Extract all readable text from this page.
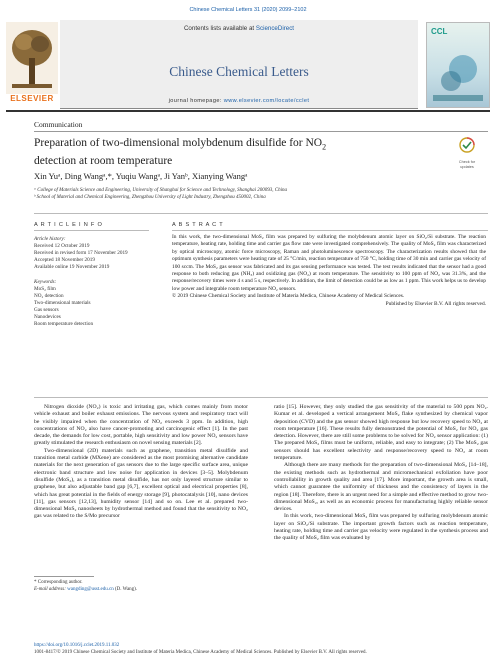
Chinese Chemical Letters 31 (2020) 2099–2102
ELSEVIER
Contents lists available at ScienceDirect
Chinese Chemical Letters
journal homepage: www.elsevier.com/locate/cclet
CCL
Communication
Preparation of two-dimensional molybdenum disulfide for $NO_2$
detection at room temperature	Check for
updates
Xin Yuᵃ, Ding Wangᵃ,*, Yuqiu Wangᵃ, Ji Yanᵇ, Xianying Wangᵃ
ᵃ College of Materials Science and Engineering, University of Shanghai for Science and Technology, Shanghai 200093, China
ᵇ School of Material and Chemical Engineering, Zhengzhou University of Light Industry, Zhengzhou 450002, China
A R T I C L E I N F O	A B S T R A C T
Article history:
Received 12 October 2019
Received in revised form 17 November 2019
Accepted 18 November 2019
Available online 19 November 2019
Keywords:
MoS₂ film
NO₂ detection
Two-dimensional materials
Gas sensors
Nanodevices
Room temperature detection
In this work, the two-dimensional MoS₂ film was prepared by sulfuring the molybdenum atomic layer on SiO₂/Si substrate. The reaction temperature, heating rate, holding time and carrier gas flow rate were investigated comprehensively. The quality of MoS₂ film was characterized by optical microscopy, atomic force microscopy, Raman and photoluminescence spectroscopy. The characterization results showed that the optimum synthesis parameters were heating rate of 25 °C/min, reaction temperature of 750 °C, holding time of 30 min and carrier gas velocity of 100 sccm. The MoS₂ gas sensor was fabricated and its gas sensing performance was tested. The test results indicated that the sensor had a good response to both reducing gas (NH₃) and oxidizing gas (NO₂) at room temperature. The sensitivity to 100 ppm of NO₂ was 31.3%, and the response/recovery times were 4 s and 5 s, respectively. In addition, the limit of detection could be as low as 1 ppm. This work helps us to develop low power and integrable room temperature NO₂ sensors.
© 2019 Chinese Chemical Society and Institute of Materia Medica, Chinese Academy of Medical Sciences.
Published by Elsevier B.V. All rights reserved.

Nitrogen dioxide (NO₂) is toxic and irritating gas, which comes mainly from motor vehicle exhaust and boiler exhaust emissions. The nervous system and respiratory tract will be visibly impaired when the concentration of NO₂ exceeds 3 ppm. In addition, high concentrations of NO₂ also have cancer-promoting and carcinogenic effect [1]. In the past decade, the demands for low cost, portable, high sensitivity and low power NO₂ sensors have greatly stimulated the research enthusiasm on novel sensing materials [2].

Two-dimensional (2D) materials such as graphene, transition metal disulfide and transition metal carbide (MXene) are considered as the most promising alternative candidate materials for the next generation of gas sensors due to the large specific surface area, unique electronic band structure and low noise for application in devices [3–5]. Molybdenum disulfide (MoS₂), as a transition metal disulfide, has not only layered structure similar to graphene, but also adjustable band gap [6,7], excellent optical and electrical properties [8], which has great potential in the fields of energy storage [9], photocatalysis [10], nano devices [11], gas sensors [12,13], humidity sensor [14] and so on. Lee et al. prepared two-dimensional MoS₂ nanosheets by hydrothermal method and found that the sensitivity to NO₂ gas was related to the S/Mo precursor

ratio [15]. However, they only studied the gas sensitivity of the material to 500 ppm NO₂. Kumar et al. developed a vertical arrangement MoS₂ flake synthesized by chemical vapor deposition (CVD) and the gas sensor showed high response but low recovery speed to NO₂ at room temperature [16]. These results fully demonstrated the potential of MoS₂ for NO₂ gas detection. However, there are still some problems to be solved for NO₂ sensor application: (1) The prepared MoS₂ films must be uniform, reliable, and easy to integrate; (2) The MoS₂ gas sensors should has excellent selectivity and response/recovery speed to NO₂ at room temperature.

Although there are many methods for the preparation of two-dimensional MoS₂ [14–18], the existing methods such as hydrothermal and micromechanical exfoliation have poor controllability in growth quality and area [17]. More important, the growth area is small, which cannot guarantee the uniformity of thickness and the consistency of layers in the region [18]. Therefore, there is an urgent need for a simple and effective method to grow two-dimensional MoS₂, as well as an economic process for manufacturing highly reliable sensor devices.

In this work, two-dimensional MoS₂ film was prepared by sulfuring molybdenum atomic layer on SiO₂/Si substrate. The important growth factors such as reaction temperature, heating rate, holding time and carrier gas velocity were regulated in the synthesis process and the quality of MoS₂ film was evaluated by

* Corresponding author.
E-mail address: wangding@usst.edu.cn (D. Wang).
https://doi.org/10.1016/j.cclet.2019.11.032
1001-8417/© 2019 Chinese Chemical Society and Institute of Materia Medica, Chinese Academy of Medical Sciences. Published by Elsevier B.V. All rights reserved.
